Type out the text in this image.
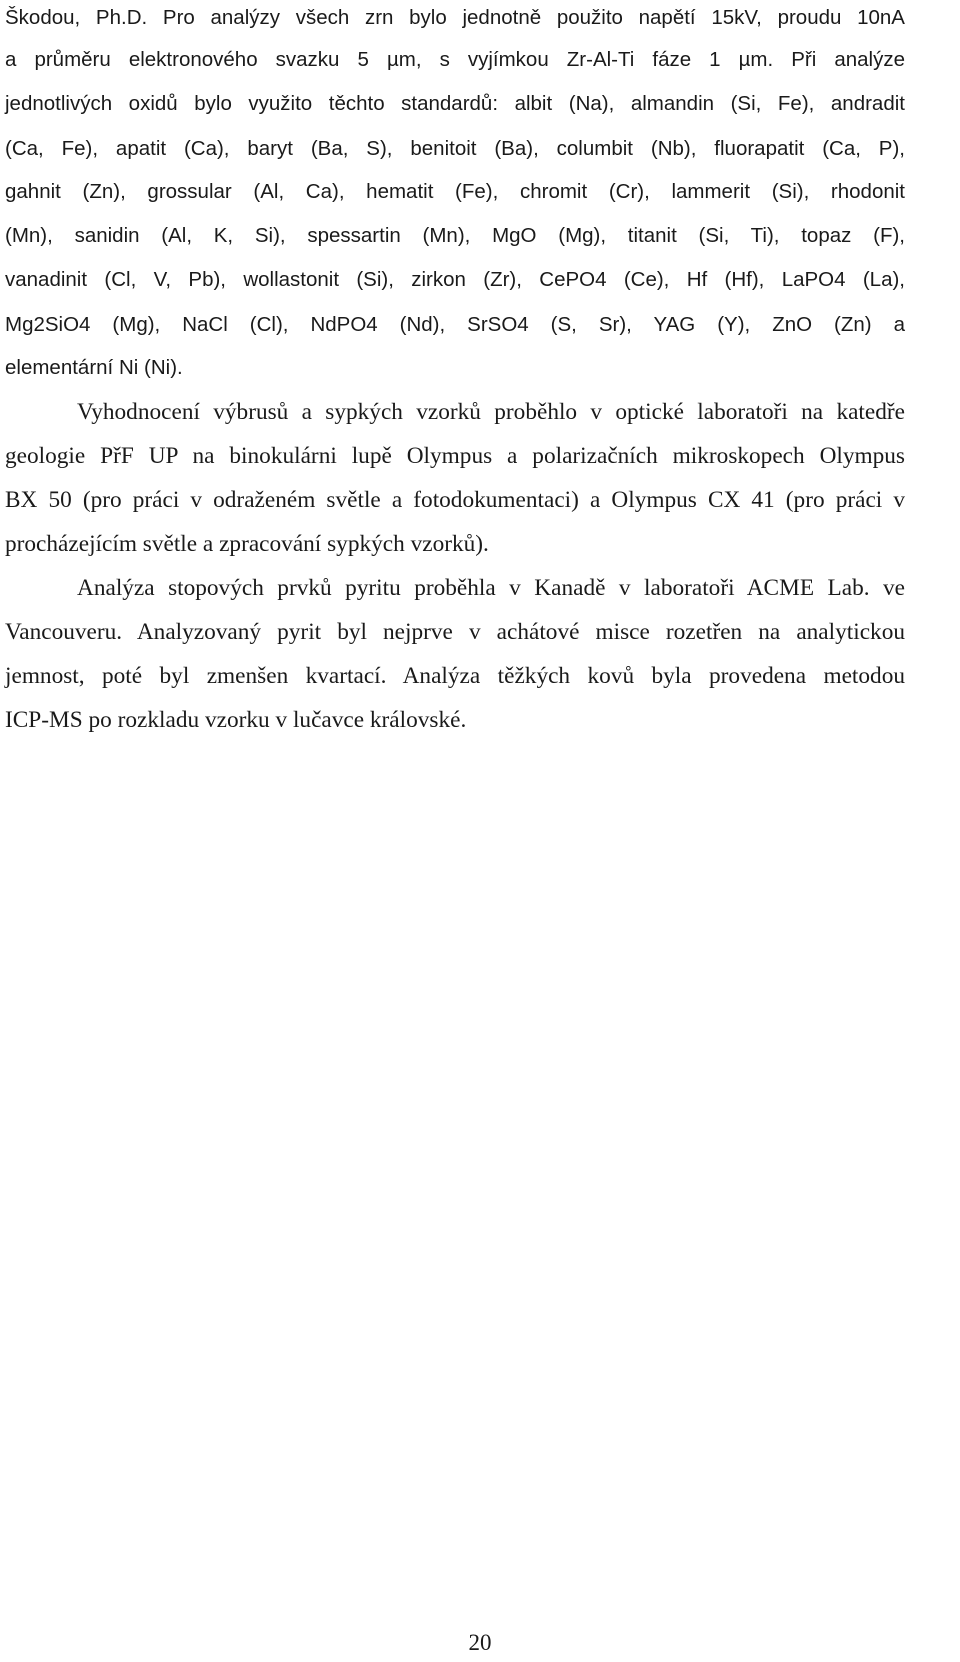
Škodou, Ph.D. Pro analýzy všech zrn bylo jednotně použito napětí 15kV, proudu 10nA
a průměru elektronového svazku 5 µm, s vyjímkou Zr-Al-Ti fáze 1 µm. Při analýze
jednotlivých oxidů bylo využito těchto standardů: albit (Na), almandin (Si, Fe), andradit
(Ca, Fe), apatit (Ca), baryt (Ba, S), benitoit (Ba), columbit (Nb), fluorapatit (Ca, P),
gahnit (Zn), grossular (Al, Ca), hematit (Fe), chromit (Cr), lammerit (Si), rhodonit
(Mn), sanidin (Al, K, Si), spessartin (Mn), MgO (Mg), titanit (Si, Ti), topaz (F),
vanadinit (Cl, V, Pb), wollastonit (Si), zirkon (Zr), CePO4 (Ce), Hf (Hf), LaPO4 (La),
Mg2SiO4 (Mg), NaCl (Cl), NdPO4 (Nd), SrSO4 (S, Sr), YAG (Y), ZnO (Zn) a
elementární Ni (Ni).
Vyhodnocení výbrusů a sypkých vzorků proběhlo v optické laboratoři na katedře
geologie PřF UP na binokulárni lupě Olympus a polarizačních mikroskopech Olympus
BX 50 (pro práci v odraženém světle a fotodokumentaci) a Olympus CX 41 (pro práci v
procházejícím světle a zpracování sypkých vzorků).
Analýza stopových prvků pyritu proběhla v Kanadě v laboratoři ACME Lab. ve
Vancouveru. Analyzovaný pyrit byl nejprve v achátové misce rozetřen na analytickou
jemnost, poté byl zmenšen kvartací. Analýza těžkých kovů byla provedena metodou
ICP-MS po rozkladu vzorku v lučavce královské.
20
